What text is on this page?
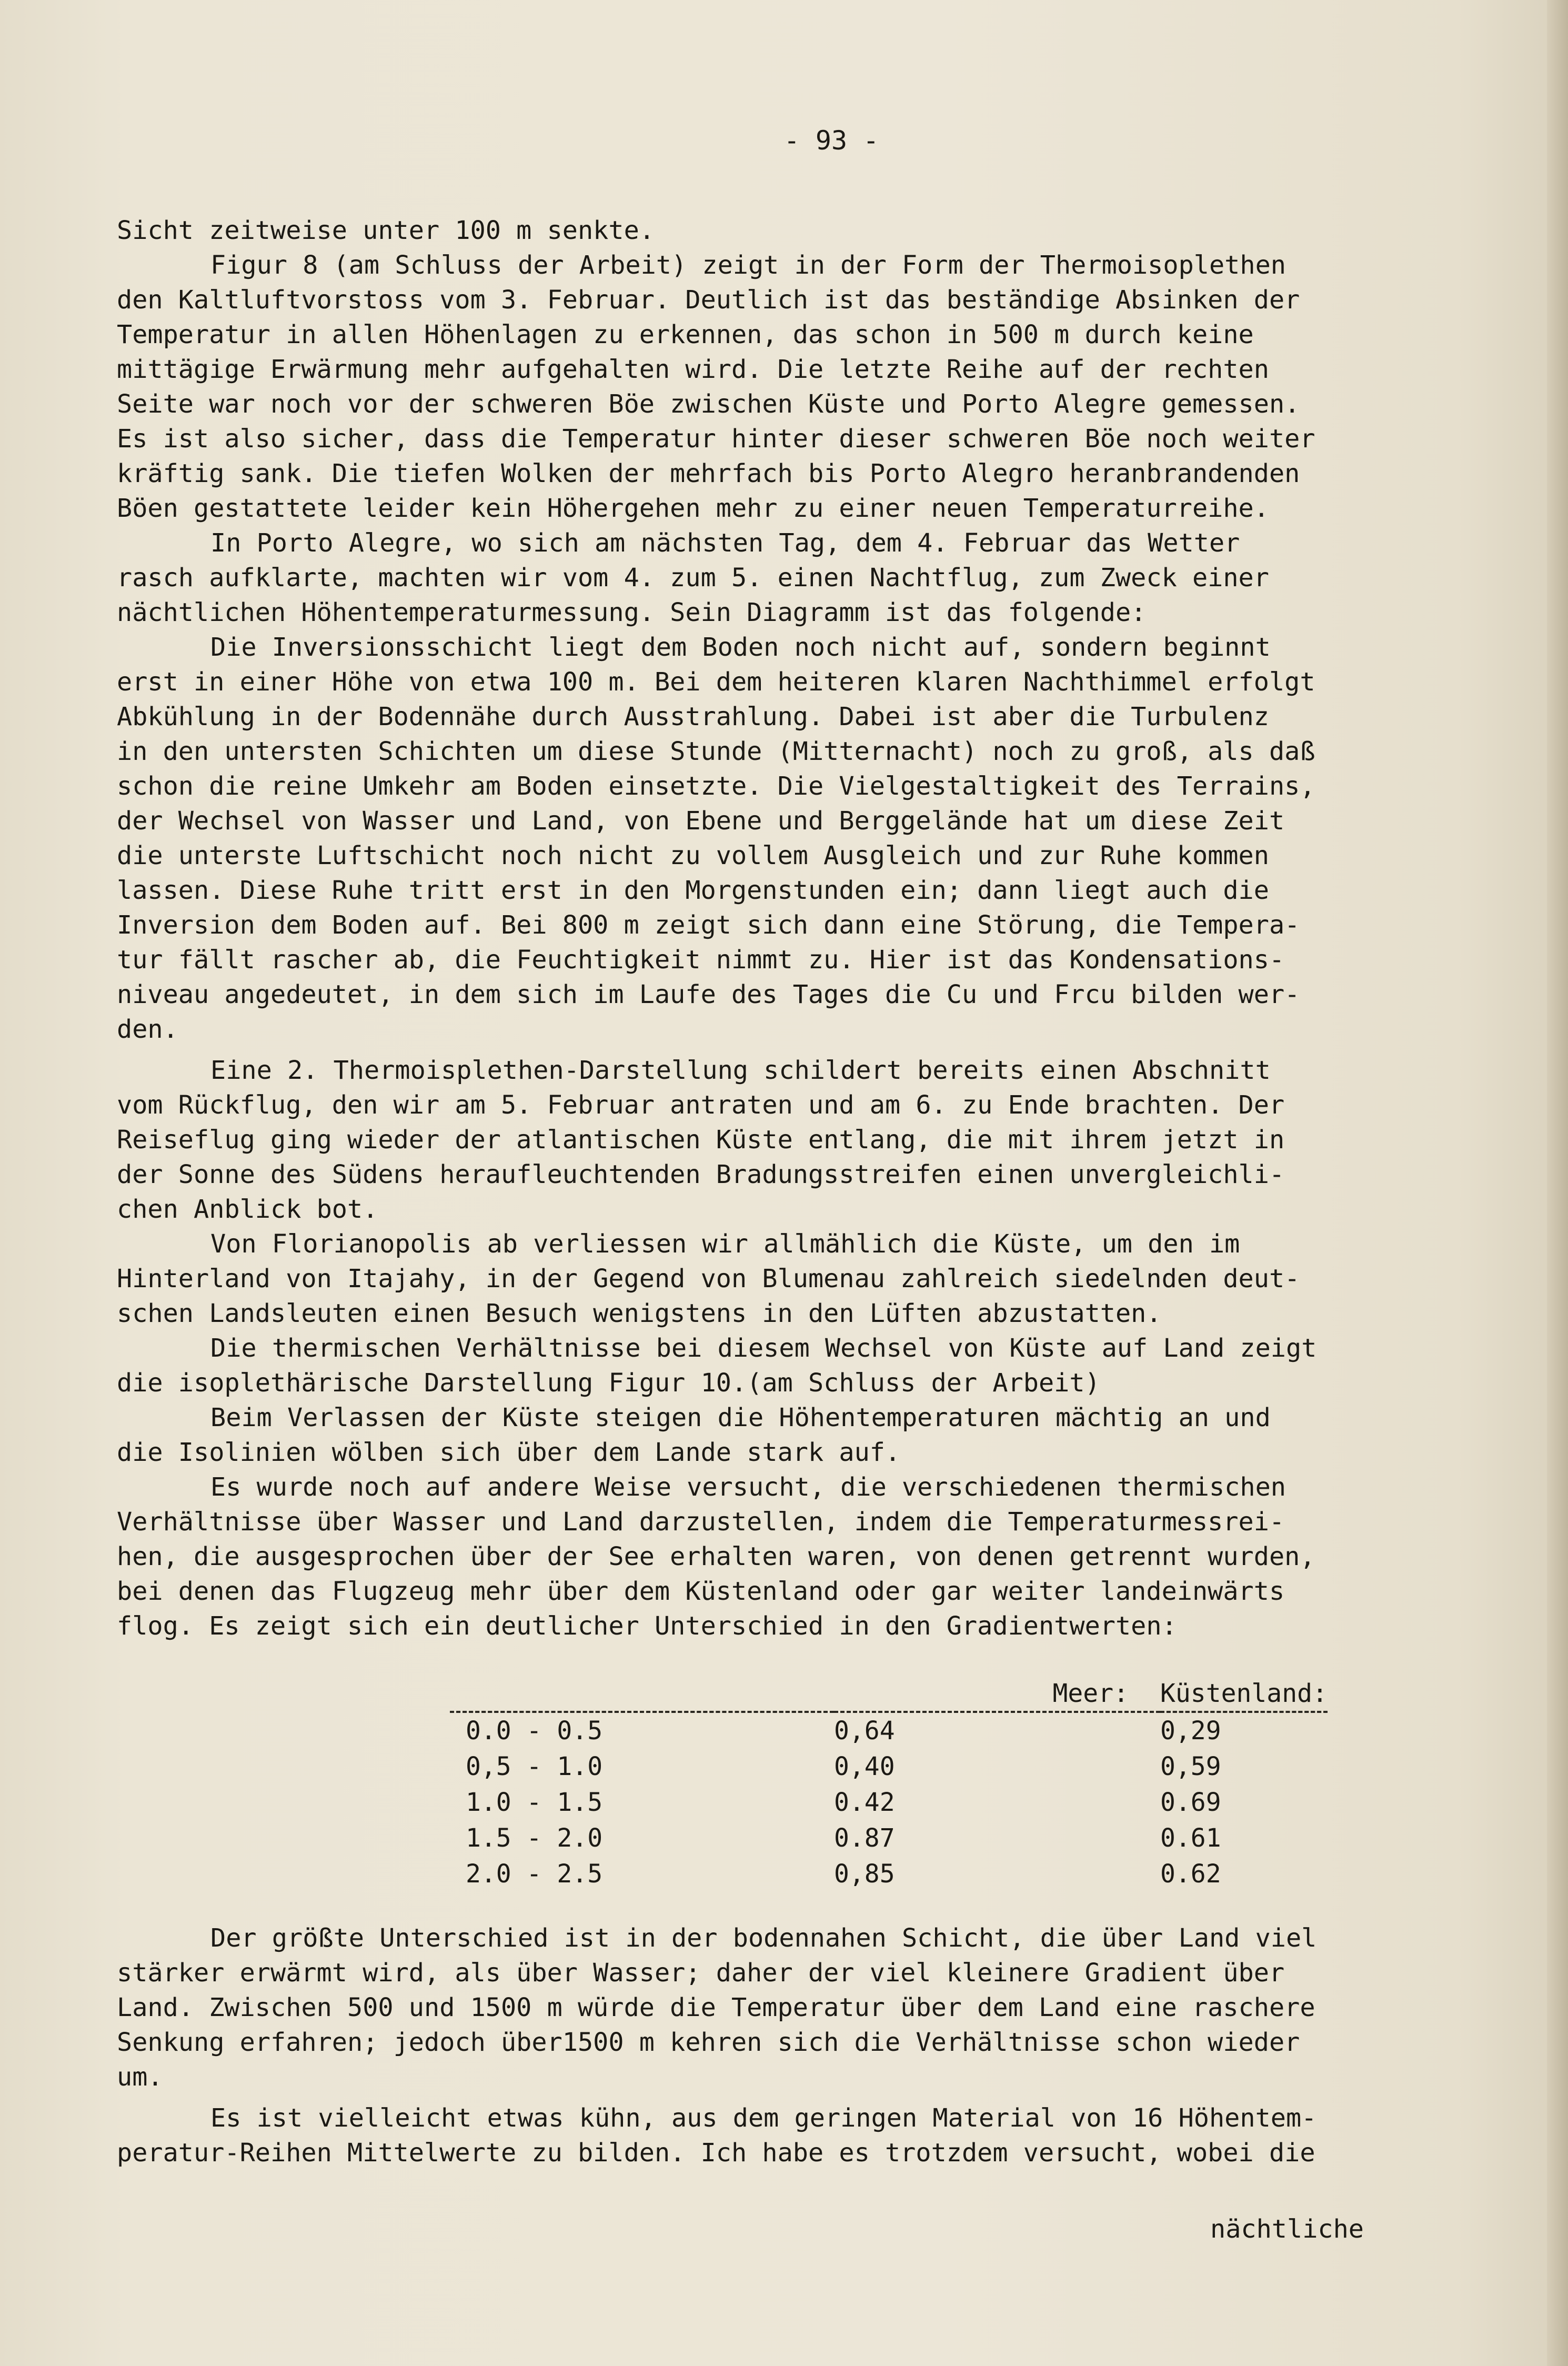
- 93 -
Sicht zeitweise unter 100 m senkte.
Figur 8 (am Schluss der Arbeit) zeigt in der Form der Thermoisoplethen
den Kaltluftvorstoss vom 3. Februar. Deutlich ist das beständige Absinken der
Temperatur in allen Höhenlagen zu erkennen, das schon in 500 m durch keine
mittägige Erwärmung mehr aufgehalten wird. Die letzte Reihe auf der rechten
Seite war noch vor der schweren Böe zwischen Küste und Porto Alegre gemessen.
Es ist also sicher, dass die Temperatur hinter dieser schweren Böe noch weiter
kräftig sank. Die tiefen Wolken der mehrfach bis Porto Alegro heranbrandenden
Böen gestattete leider kein Höhergehen mehr zu einer neuen Temperaturreihe.
In Porto Alegre, wo sich am nächsten Tag, dem 4. Februar das Wetter
rasch aufklarte, machten wir vom 4. zum 5. einen Nachtflug, zum Zweck einer
nächtlichen Höhentemperaturmessung. Sein Diagramm ist das folgende:
Die Inversionsschicht liegt dem Boden noch nicht auf, sondern beginnt
erst in einer Höhe von etwa 100 m. Bei dem heiteren klaren Nachthimmel erfolgt
Abkühlung in der Bodennähe durch Ausstrahlung. Dabei ist aber die Turbulenz
in den untersten Schichten um diese Stunde (Mitternacht) noch zu groß, als daß
schon die reine Umkehr am Boden einsetzte. Die Vielgestaltigkeit des Terrains,
der Wechsel von Wasser und Land, von Ebene und Berggelände hat um diese Zeit
die unterste Luftschicht noch nicht zu vollem Ausgleich und zur Ruhe kommen
lassen. Diese Ruhe tritt erst in den Morgenstunden ein; dann liegt auch die
Inversion dem Boden auf. Bei 800 m zeigt sich dann eine Störung, die Tempera-
tur fällt rascher ab, die Feuchtigkeit nimmt zu. Hier ist das Kondensations-
niveau angedeutet, in dem sich im Laufe des Tages die Cu und Frcu bilden wer-
den.
Eine 2. Thermoisplethen-Darstellung schildert bereits einen Abschnitt
vom Rückflug, den wir am 5. Februar antraten und am 6. zu Ende brachten. Der
Reiseflug ging wieder der atlantischen Küste entlang, die mit ihrem jetzt in
der Sonne des Südens heraufleuchtenden Bradungsstreifen einen unvergleichli-
chen Anblick bot.
Von Florianopolis ab verliessen wir allmählich die Küste, um den im
Hinterland von Itajahy, in der Gegend von Blumenau zahlreich siedelnden deut-
schen Landsleuten einen Besuch wenigstens in den Lüften abzustatten.
Die thermischen Verhältnisse bei diesem Wechsel von Küste auf Land zeigt
die isoplethärische Darstellung Figur 10.(am Schluss der Arbeit)
Beim Verlassen der Küste steigen die Höhentemperaturen mächtig an und
die Isolinien wölben sich über dem Lande stark auf.
Es wurde noch auf andere Weise versucht, die verschiedenen thermischen
Verhältnisse über Wasser und Land darzustellen, indem die Temperaturmessrei-
hen, die ausgesprochen über der See erhalten waren, von denen getrennt wurden,
bei denen das Flugzeug mehr über dem Küstenland oder gar weiter landeinwärts
flog. Es zeigt sich ein deutlicher Unterschied in den Gradientwerten:
	Meer:	Küstenland:
0.0 - 0.5	0,64	0,29
0,5 - 1.0	0,40	0,59
1.0 - 1.5	0.42	0.69
1.5 - 2.0	0.87	0.61
2.0 - 2.5	0,85	0.62
Der größte Unterschied ist in der bodennahen Schicht, die über Land viel
stärker erwärmt wird, als über Wasser; daher der viel kleinere Gradient über
Land. Zwischen 500 und 1500 m würde die Temperatur über dem Land eine raschere
Senkung erfahren; jedoch über1500 m kehren sich die Verhältnisse schon wieder
um.
Es ist vielleicht etwas kühn, aus dem geringen Material von 16 Höhentem-
peratur-Reihen Mittelwerte zu bilden. Ich habe es trotzdem versucht, wobei die
nächtliche
